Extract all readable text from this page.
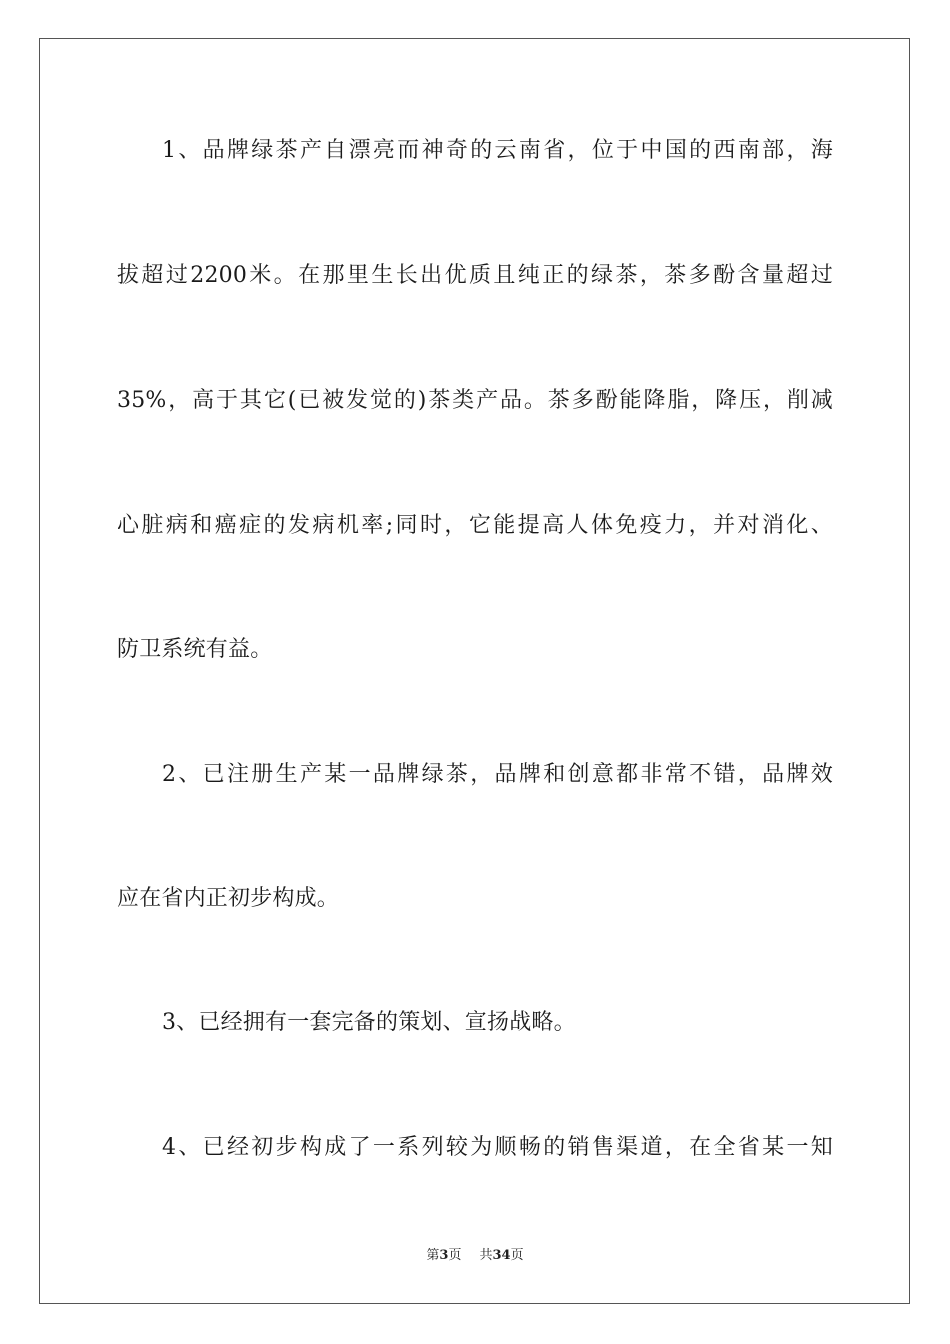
1、品牌绿茶产自漂亮而神奇的云南省，位于中国的西南部，海
拔超过2200米。在那里生长出优质且纯正的绿茶，茶多酚含量超过
35%，高于其它(已被发觉的)茶类产品。茶多酚能降脂，降压，削减
心脏病和癌症的发病机率;同时，它能提高人体免疫力，并对消化、
防卫系统有益。
2、已注册生产某一品牌绿茶，品牌和创意都非常不错，品牌效
应在省内正初步构成。
3、已经拥有一套完备的策划、宣扬战略。
4、已经初步构成了一系列较为顺畅的销售渠道，在全省某一知
第3页 共34页
